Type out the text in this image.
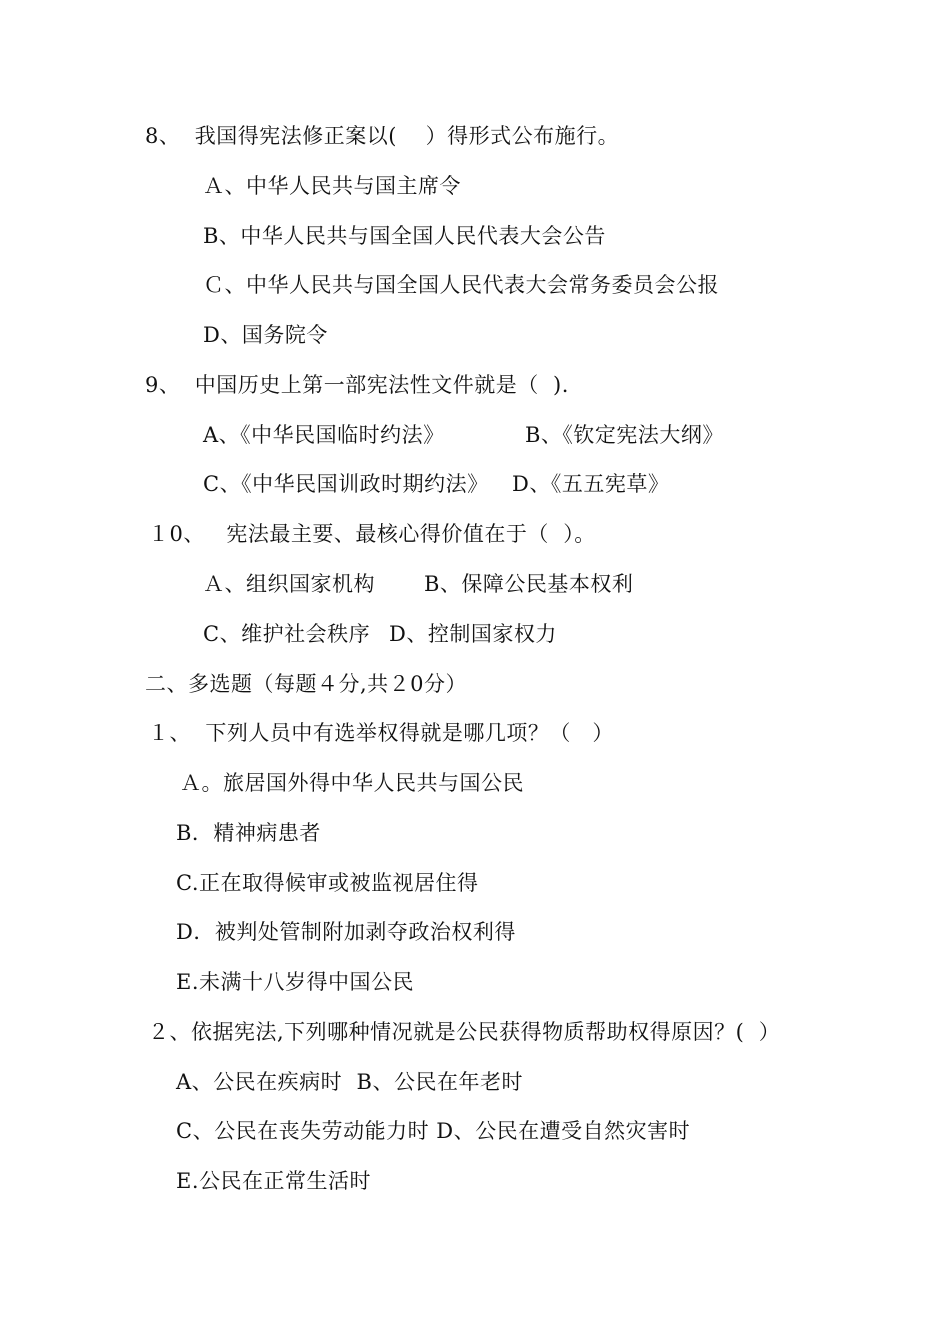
8、  我国得宪法修正案以(    ）得形式公布施行。
Ａ、中华人民共与国主席令
B、中华人民共与国全国人民代表大会公告
Ｃ、中华人民共与国全国人民代表大会常务委员会公报
D、国务院令
9、  中国历史上第一部宪法性文件就是（  ).
A、《中华民国临时约法》	B、《钦定宪法大纲》
C、《中华民国训政时期约法》 D、《五五宪草》
１0、   宪法最主要、最核心得价值在于（  ）。
Ａ、组织国家机构 B、保障公民基本权利
C、维护社会秩序 D、控制国家权力
二、多选题（每题４分,共２0分）
１、  下列人员中有选举权得就是哪几项？（   ）
Ａ。旅居国外得中华人民共与国公民
B．精神病患者
C.正在取得候审或被监视居住得
D．被判处管制附加剥夺政治权利得
E.未满十八岁得中国公民
２、依据宪法,下列哪种情况就是公民获得物质帮助权得原因？(  ）
A、公民在疾病时  B、公民在年老时
C、公民在丧失劳动能力时 D、公民在遭受自然灾害时
E.公民在正常生活时
